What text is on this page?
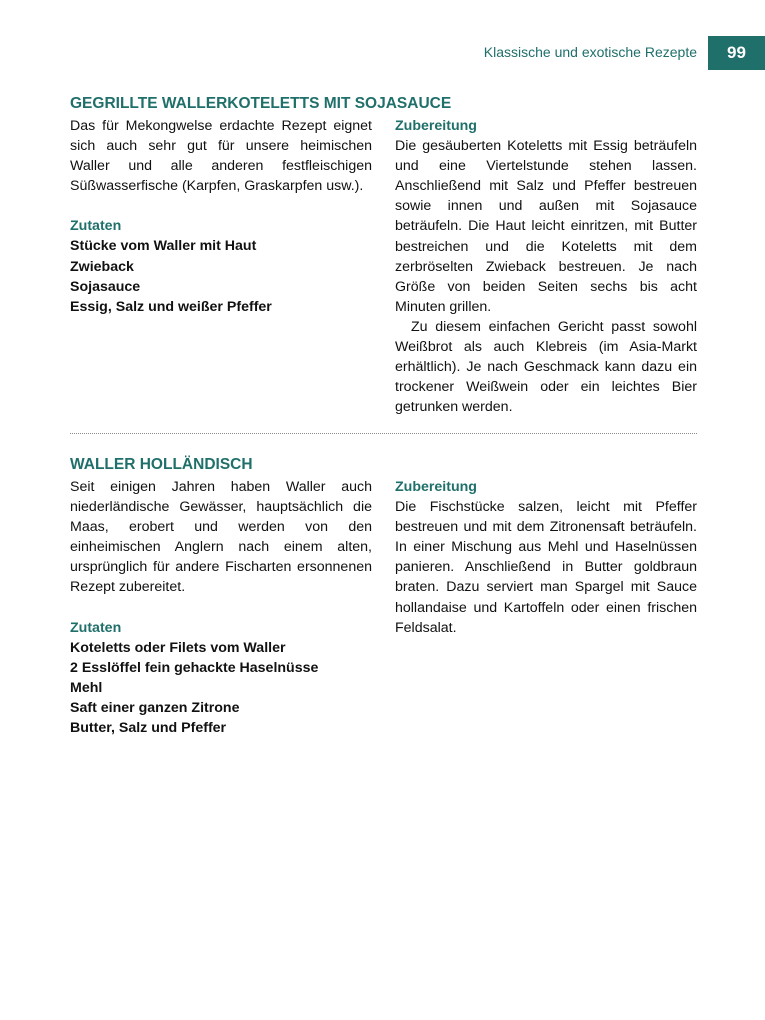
Klassische und exotische Rezepte	99
GEGRILLTE WALLERKOTELETTS MIT SOJASAUCE

Das für Mekongwelse erdachte Rezept eignet sich auch sehr gut für unsere heimischen Waller und alle anderen festfleischigen Süßwasserfische (Karpfen, Graskarpfen usw.).

Zutaten
Stücke vom Waller mit Haut
Zwieback
Sojasauce
Essig, Salz und weißer Pfeffer
Zubereitung

Die gesäuberten Koteletts mit Essig beträufeln und eine Viertelstunde stehen lassen. Anschließend mit Salz und Pfeffer bestreuen sowie innen und außen mit Sojasauce beträufeln. Die Haut leicht einritzen, mit Butter bestreichen und die Koteletts mit dem zerbröselten Zwieback bestreuen. Je nach Größe von beiden Seiten sechs bis acht Minuten grillen.

Zu diesem einfachen Gericht passt sowohl Weißbrot als auch Klebreis (im Asia-Markt erhältlich). Je nach Geschmack kann dazu ein trockener Weißwein oder ein leichtes Bier getrunken werden.

WALLER HOLLÄNDISCH

Seit einigen Jahren haben Waller auch niederländische Gewässer, hauptsächlich die Maas, erobert und werden von den einheimischen Anglern nach einem alten, ursprünglich für andere Fischarten ersonnenen Rezept zubereitet.

Zutaten
Koteletts oder Filets vom Waller
2 Esslöffel fein gehackte Haselnüsse
Mehl
Saft einer ganzen Zitrone
Butter, Salz und Pfeffer
Zubereitung

Die Fischstücke salzen, leicht mit Pfeffer bestreuen und mit dem Zitronensaft beträufeln. In einer Mischung aus Mehl und Haselnüssen panieren. Anschließend in Butter goldbraun braten. Dazu serviert man Spargel mit Sauce hollandaise und Kartoffeln oder einen frischen Feldsalat.
